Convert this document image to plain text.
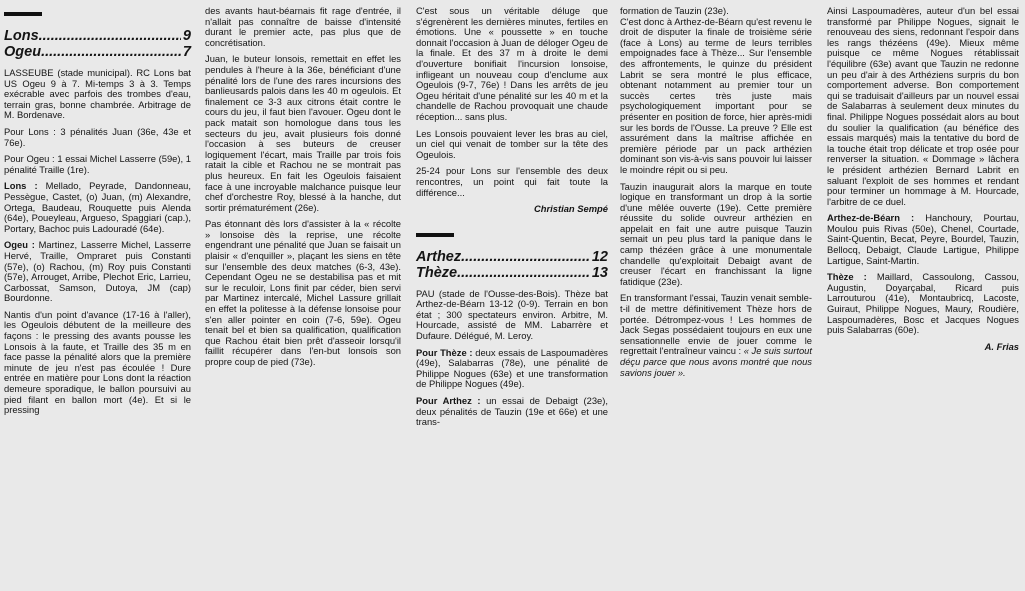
Lons .....	9
Ogeu .....	7

LASSEUBE (stade municipal). RC Lons bat US Ogeu 9 à 7. Mi-temps 3 à 3. Temps exécrable avec parfois des trombes d'eau, terrain gras, bonne chambrée. Arbitrage de M. Bordenave.

Pour Lons : 3 pénalités Juan (36e, 43e et 76e).

Pour Ogeu : 1 essai Michel Lasserre (59e), 1 pénalité Traille (1re).

Lons : Mellado, Peyrade, Dandonneau, Pessègue, Castet, (o) Juan, (m) Alexandre, Ortega, Baudeau, Rouquette puis Alenda (64e), Poueyleau, Argueso, Spaggiari (cap.), Portary, Bachoc puis Ladouradé (64e).

Ogeu : Martinez, Lasserre Michel, Lasserre Hervé, Traille, Ompraret puis Constanti (57e), (o) Rachou, (m) Roy puis Constanti (57e), Arrouget, Arribe, Plechot Eric, Larrieu, Carbossat, Samson, Dutoya, JM (cap) Bourdonne.

Nantis d'un point d'avance (17-16 à l'aller), les Ogeulois débutent de la meilleure des façons : le pressing des avants pousse les Lonsois à la faute, et Traille des 35 m en face passe la pénalité alors que la première minute de jeu n'est pas écoulée ! Dure entrée en matière pour Lons dont la réaction demeure sporadique, le ballon poursuivi au pied filant en ballon mort (4e). Et si le pressing

des avants haut-béarnais fit rage d'entrée, il n'allait pas connaître de baisse d'intensité durant le premier acte, pas plus que de concrétisation.

Juan, le buteur lonsois, remettait en effet les pendules à l'heure à la 36e, bénéficiant d'une pénalité lors de l'une des rares incursions des banlieusards palois dans les 40 m ogeulois. Et finalement ce 3-3 aux citrons était contre le cours du jeu, il faut bien l'avouer. Ogeu dont le pack matait son homologue dans tous les secteurs du jeu, avait plusieurs fois donné l'occasion à ses buteurs de creuser logiquement l'écart, mais Traille par trois fois ratait la cible et Rachou ne se montrait pas plus heureux. En fait les Ogeulois faisaient face à une incroyable malchance puisque leur chef d'orchestre Roy, blessé à la hanche, dut sortir prématurément (26e).

Pas étonnant dès lors d'assister à la « récolte » lonsoise dès la reprise, une récolte engendrant une pénalité que Juan se faisait un plaisir « d'enquiller », plaçant les siens en tête sur l'ensemble des deux matches (6-3, 43e). Cependant Ogeu ne se destabilisa pas et mit sur le reculoir, Lons finit par céder, bien servi par Martinez intercalé, Michel Lassure grillait en effet la politesse à la défense lonsoise pour s'en aller pointer en coin (7-6, 59e). Ogeu tenait bel et bien sa qualification, qualification que Rachou était bien prêt d'asseoir lorsqu'il faillit récupérer dans l'en-but lonsois son propre coup de pied (73e).

C'est sous un véritable déluge que s'égrenèrent les dernières minutes, fertiles en émotions. Une « poussette » en touche donnait l'occasion à Juan de déloger Ogeu de la finale. Et des 37 m à droite le demi d'ouverture bonifiait l'incursion lonsoise, infligeant un nouveau coup d'enclume aux Ogeulois (9-7, 76e) ! Dans les arrêts de jeu Ogeu héritait d'une pénalité sur les 40 m et la chandelle de Rachou provoquait une chaude réception... sans plus.

Les Lonsois pouvaient lever les bras au ciel, un ciel qui venait de tomber sur la tête des Ogeulois.

25-24 pour Lons sur l'ensemble des deux rencontres, un point qui fait toute la différence...

Christian Sempé
Arthez .....	12
Thèze .....	13

PAU (stade de l'Ousse-des-Bois). Thèze bat Arthez-de-Béarn 13-12 (0-9). Terrain en bon état ; 300 spectateurs environ. Arbitre, M. Hourcade, assisté de MM. Labarrère et Dufaure. Délégué, M. Leroy.

Pour Thèze : deux essais de Laspoumadères (49e), Salabarras (78e), une pénalité de Philippe Nogues (63e) et une transformation de Philippe Nogues (49e).

Pour Arthez : un essai de Debaigt (23e), deux pénalités de Tauzin (19e et 66e) et une trans-

formation de Tauzin (23e).

C'est donc à Arthez-de-Béarn qu'est revenu le droit de disputer la finale de troisième série (face à Lons) au terme de leurs terribles empoignades face à Thèze... Sur l'ensemble des affrontements, le quinze du président Labrit se sera montré le plus efficace, obtenant notamment au premier tour un succès certes très juste mais psychologiquement important pour se présenter en position de force, hier après-midi sur les bords de l'Ousse. La preuve ? Elle est assurément dans la maîtrise affichée en première période par un pack arthézien dominant son vis-à-vis sans pouvoir lui laisser le moindre répit ou si peu.

Tauzin inaugurait alors la marque en toute logique en transformant un drop à la sortie d'une mêlée ouverte (19e). Cette première réussite du solide ouvreur arthézien en appelait en fait une autre puisque Tauzin semait un peu plus tard la panique dans le camp thézéen grâce à une monumentale chandelle qu'exploitait Debaigt avant de creuser l'écart en franchissant la ligne fatidique (23e).

En transformant l'essai, Tauzin venait semble-t-il de mettre définitivement Thèze hors de portée. Détrompez-vous ! Les hommes de Jack Segas possédaient toujours en eux une sensationnelle envie de jouer comme le regrettait l'entraîneur vaincu : « Je suis surtout déçu parce que nous avons montré que nous savions jouer ».

Ainsi Laspoumadères, auteur d'un bel essai transformé par Philippe Nogues, signait le renouveau des siens, redonnant l'espoir dans les rangs thézéens (49e). Mieux même puisque ce même Nogues rétablissait l'équilibre (63e) avant que Tauzin ne redonne un peu d'air à des Arthéziens surpris du bon comportement adverse. Bon comportement qui se traduisait d'ailleurs par un nouvel essai de Salabarras à seulement deux minutes du final. Philippe Nogues possédait alors au bout du soulier la qualification (au bénéfice des essais marqués) mais la tentative du bord de la touche était trop délicate et trop osée pour renverser la situation. « Dommage » lâchera le président arthézien Bernard Labrit en saluant l'exploit de ses hommes et rendant pour terminer un hommage à M. Hourcade, l'arbitre de ce duel.

Arthez-de-Béarn : Hanchoury, Pourtau, Moulou puis Rivas (50e), Chenel, Courtade, Saint-Quentin, Becat, Peyre, Bourdel, Tauzin, Bellocq, Debaigt, Claude Lartigue, Philippe Lartigue, Saint-Martin.

Thèze : Maillard, Cassoulong, Cassou, Augustin, Doyarçabal, Ricard puis Larrouturou (41e), Montaubricq, Lacoste, Guiraut, Philippe Nogues, Maury, Roudière, Laspoumadères, Bosc et Jacques Nogues puis Salabarras (60e).

A. Frias
